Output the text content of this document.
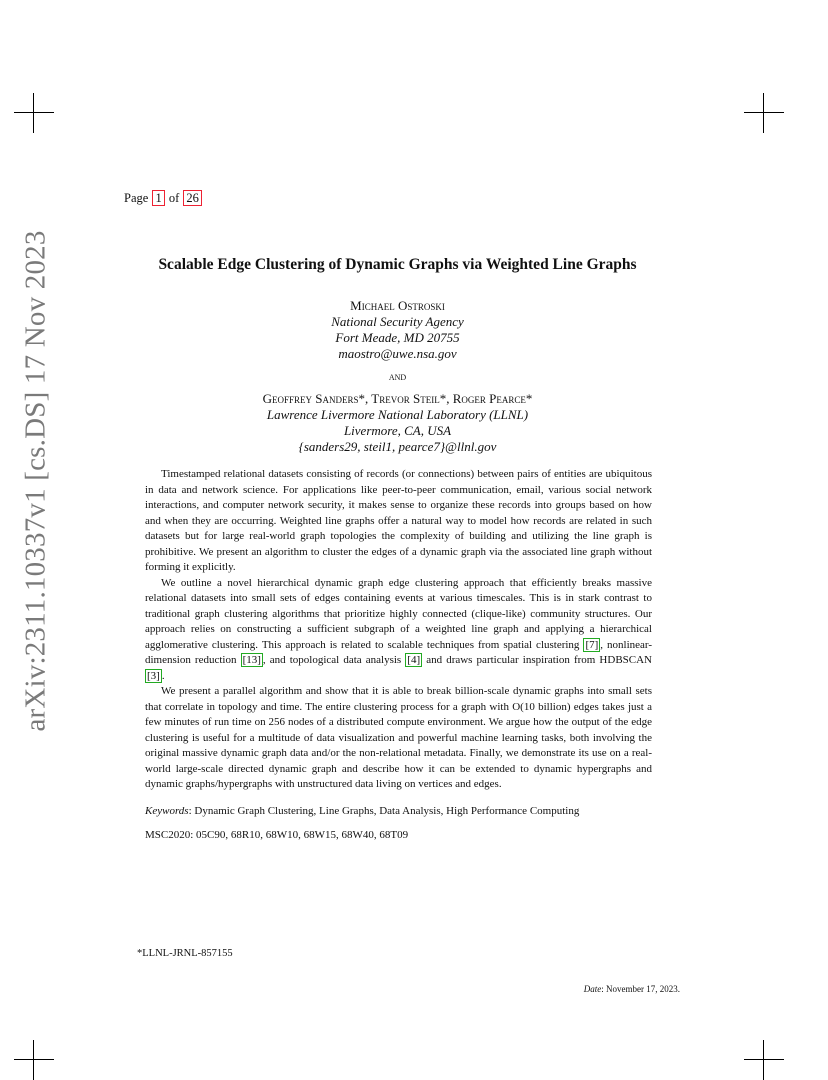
arXiv:2311.10337v1 [cs.DS] 17 Nov 2023
Page 1 of 26
Scalable Edge Clustering of Dynamic Graphs via Weighted Line Graphs
Michael Ostroski
National Security Agency
Fort Meade, MD 20755
maostro@uwe.nsa.gov
and
Geoffrey Sanders*, Trevor Steil*, Roger Pearce*
Lawrence Livermore National Laboratory (LLNL)
Livermore, CA, USA
{sanders29, steil1, pearce7}@llnl.gov

Timestamped relational datasets consisting of records (or connections) between pairs of entities are ubiquitous in data and network science. For applications like peer-to-peer communication, email, various social network interactions, and computer network security, it makes sense to organize these records into groups based on how and when they are occurring. Weighted line graphs offer a natural way to model how records are related in such datasets but for large real-world graph topologies the complexity of building and utilizing the line graph is prohibitive. We present an algorithm to cluster the edges of a dynamic graph via the associated line graph without forming it explicitly.

We outline a novel hierarchical dynamic graph edge clustering approach that efficiently breaks massive relational datasets into small sets of edges containing events at various timescales. This is in stark contrast to traditional graph clustering algorithms that prioritize highly connected (clique-like) community structures. Our approach relies on constructing a sufficient subgraph of a weighted line graph and applying a hierarchical agglomerative clustering. This approach is related to scalable techniques from spatial clustering [7] , nonlinear-dimension reduction [13] , and topological data analysis [4] and draws particular inspiration from HDBSCAN [3] .

We present a parallel algorithm and show that it is able to break billion-scale dynamic graphs into small sets that correlate in topology and time. The entire clustering process for a graph with O(10 billion) edges takes just a few minutes of run time on 256 nodes of a distributed compute environment. We argue how the output of the edge clustering is useful for a multitude of data visualization and powerful machine learning tasks, both involving the original massive dynamic graph data and/or the non-relational metadata. Finally, we demonstrate its use on a real-world large-scale directed dynamic graph and describe how it can be extended to dynamic hypergraphs and dynamic graphs/hypergraphs with unstructured data living on vertices and edges.

Keywords: Dynamic Graph Clustering, Line Graphs, Data Analysis, High Performance Computing
MSC2020: 05C90, 68R10, 68W10, 68W15, 68W40, 68T09
*LLNL-JRNL-857155
Date: November 17, 2023.
